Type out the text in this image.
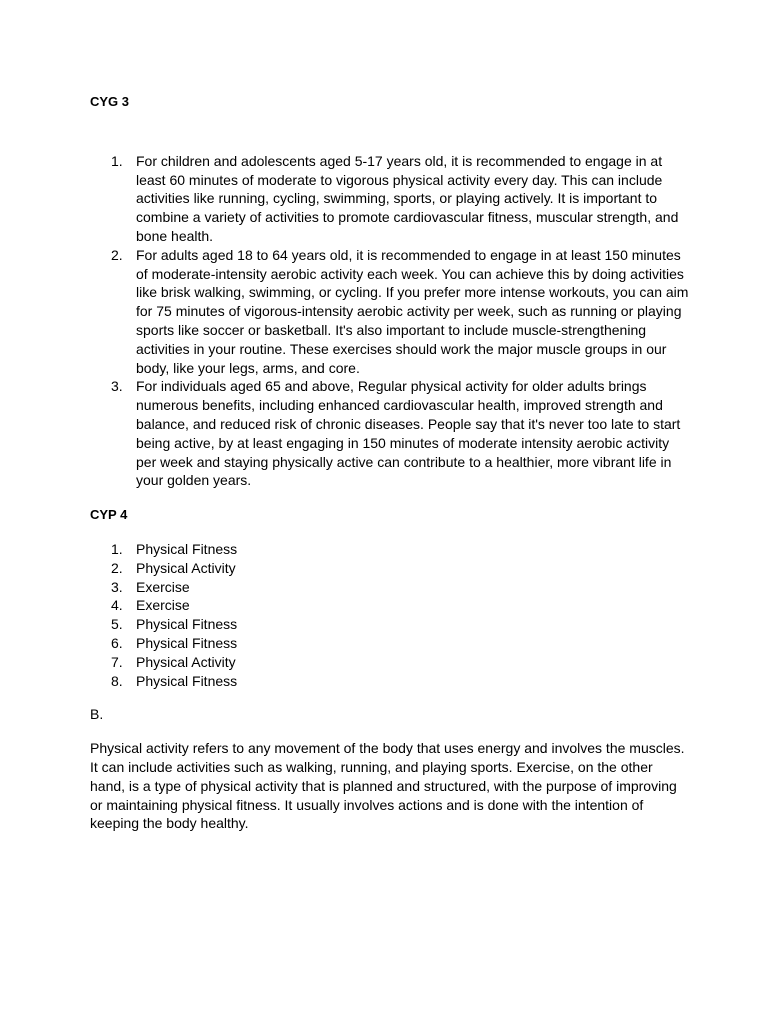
CYG 3

1. For children and adolescents aged 5-17 years old, it is recommended to engage in at least 60 minutes of moderate to vigorous physical activity every day. This can include activities like running, cycling, swimming, sports, or playing actively. It is important to combine a variety of activities to promote cardiovascular fitness, muscular strength, and bone health.
2. For adults aged 18 to 64 years old, it is recommended to engage in at least 150 minutes of moderate-intensity aerobic activity each week. You can achieve this by doing activities like brisk walking, swimming, or cycling. If you prefer more intense workouts, you can aim for 75 minutes of vigorous-intensity aerobic activity per week, such as running or playing sports like soccer or basketball. It's also important to include muscle-strengthening activities in your routine. These exercises should work the major muscle groups in our body, like your legs, arms, and core.
3. For individuals aged 65 and above, Regular physical activity for older adults brings numerous benefits, including enhanced cardiovascular health, improved strength and balance, and reduced risk of chronic diseases. People say that it's never too late to start being active, by at least engaging in 150 minutes of moderate intensity aerobic activity per week and staying physically active can contribute to a healthier, more vibrant life in your golden years.

CYP 4

1. Physical Fitness
2. Physical Activity
3. Exercise
4. Exercise
5. Physical Fitness
6. Physical Fitness
7. Physical Activity
8. Physical Fitness
B.
Physical activity refers to any movement of the body that uses energy and involves the muscles. It can include activities such as walking, running, and playing sports. Exercise, on the other hand, is a type of physical activity that is planned and structured, with the purpose of improving or maintaining physical fitness. It usually involves actions and is done with the intention of keeping the body healthy.
